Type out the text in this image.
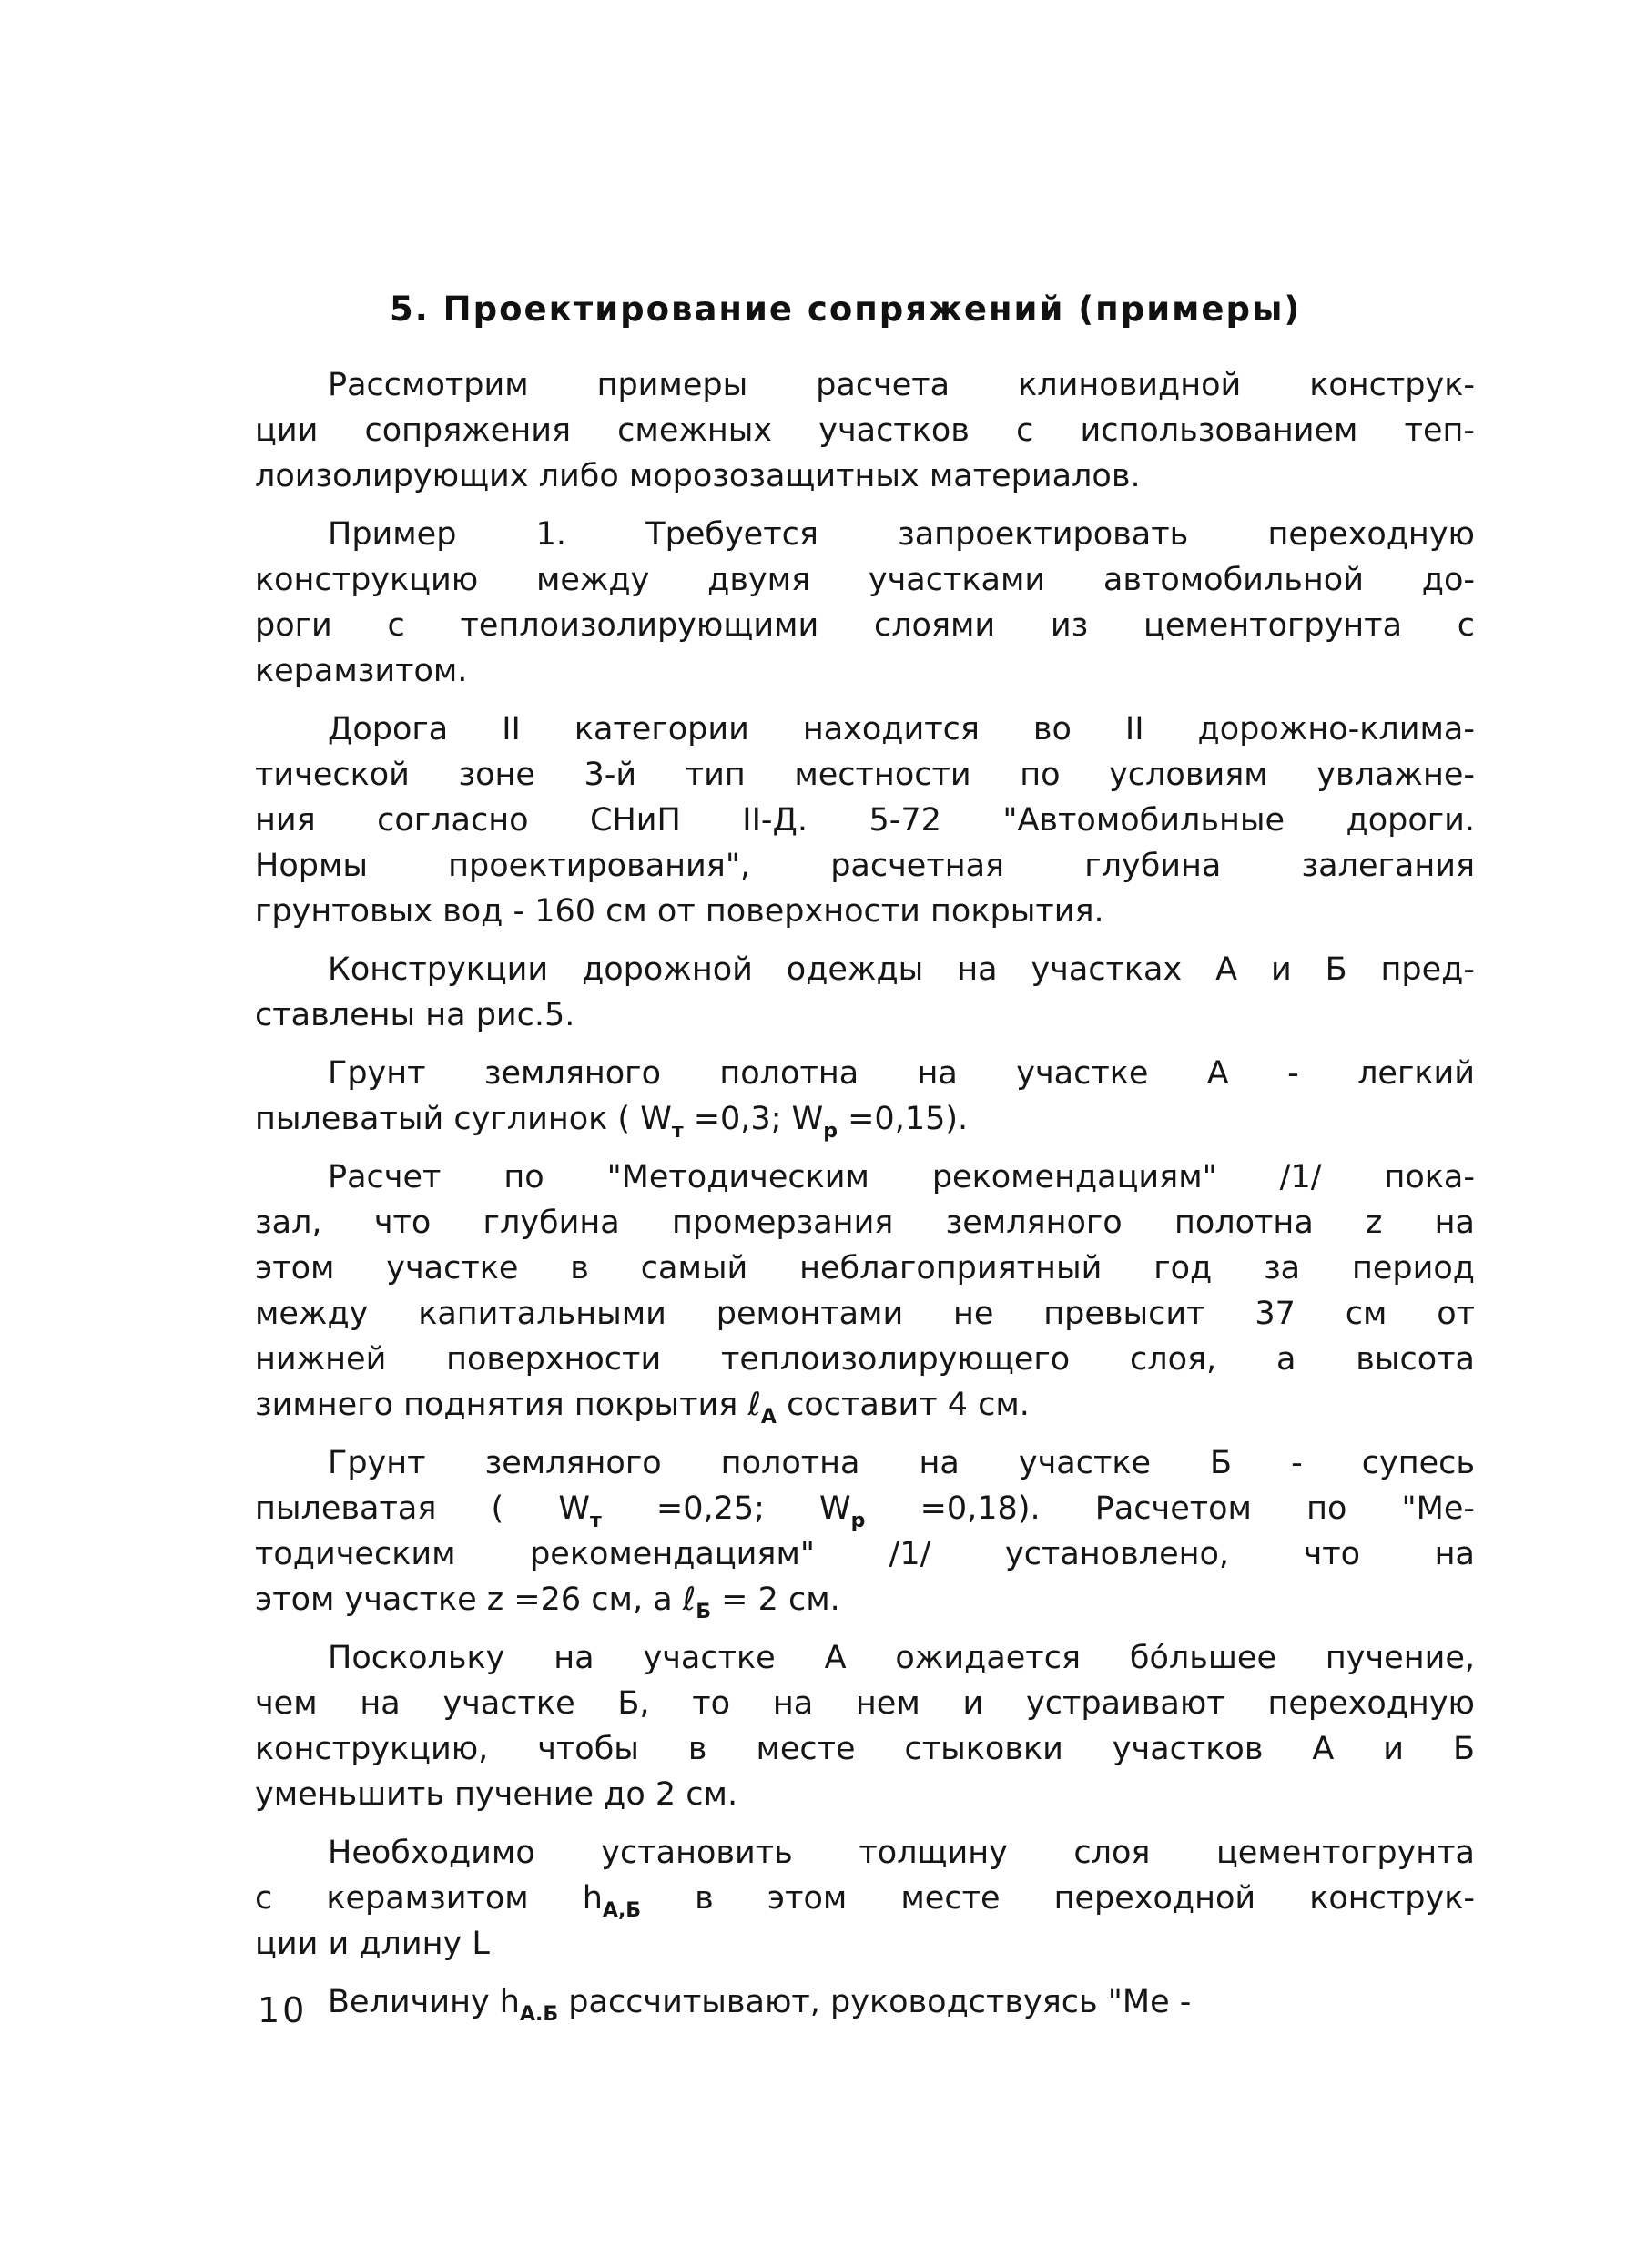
5. Проектирование сопряжений (примеры)
Рассмотрим примеры расчета клиновидной конструк-
ции сопряжения смежных участков с использованием теп-
лоизолирующих либо морозозащитных материалов.
Пример 1. Требуется запроектировать переходную
конструкцию между двумя участками автомобильной до-
роги с теплоизолирующими слоями из цементогрунта с
керамзитом.
Дорога II категории находится во II дорожно-клима-
тической зоне 3-й тип местности по условиям увлажне-
ния согласно СНиП II-Д. 5-72 "Автомобильные дороги.
Нормы проектирования", расчетная глубина залегания
грунтовых вод - 160 см от поверхности покрытия.
Конструкции дорожной одежды на участках А и Б пред-
ставлены на рис.5.
Грунт земляного полотна на участке А - легкий
пылеватый суглинок ( $W_т =0,3$; $W_р =0,15$).
Расчет по "Методическим рекомендациям" /1/ пока-
зал, что глубина промерзания земляного полотна z на
этом участке в самый неблагоприятный год за период
между капитальными ремонтами не превысит 37 см от
нижней поверхности теплоизолирующего слоя, а высота
зимнего поднятия покрытия ℓ$_А$ составит 4 см.
Грунт земляного полотна на участке Б - супесь
пылеватая ( $W_т =0,25$; $W_р =0,18$). Расчетом по "Ме-
тодическим рекомендациям" /1/ установлено, что на
этом участке z =26 см, а ℓ$_Б$ = 2 см.
Поскольку на участке А ожидается бо́льшее пучение,
чем на участке Б, то на нем и устраивают переходную
конструкцию, чтобы в месте стыковки участков А и Б
уменьшить пучение до 2 см.
Необходимо установить толщину слоя цементогрунта
с керамзитом $h_{А,Б}$ в этом месте переходной конструк-
ции и длину L
Величину $h_{А.Б}$ рассчитывают, руководствуясь "Ме -
10
